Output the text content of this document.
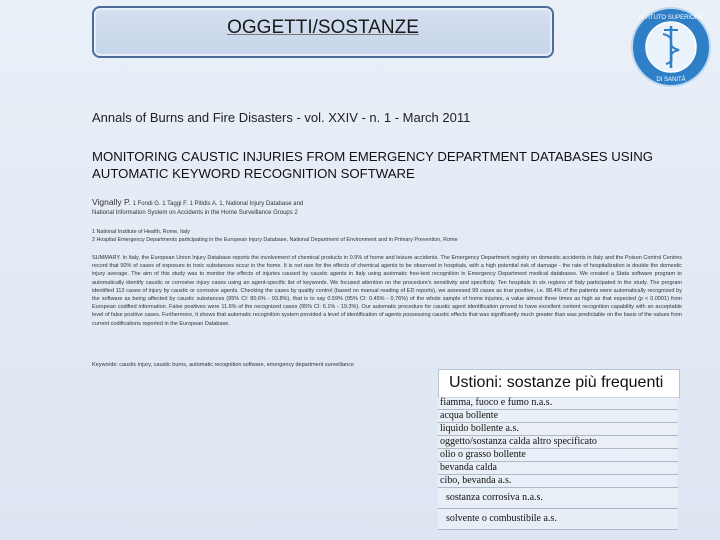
OGGETTI/SOSTANZE	ISTITUTO SUPERIORE
DI SANITÀ
Annals of Burns and Fire Disasters - vol. XXIV - n. 1 - March 2011
MONITORING CAUSTIC INJURIES FROM EMERGENCY DEPARTMENT DATABASES USING AUTOMATIC KEYWORD RECOGNITION SOFTWARE
Vignally P. 1 Fondi G. 1 Taggi F. 1 Pitidis A. 1, National Injury Database and
National Information System on Accidents in the Home Surveillance Groups 2
1 National Institute of Health, Rome, Italy
2 Hospital Emergency Departments participating in the European Injury Database, National Department of Environment and in Primary Prevention, Rome
SUMMARY. In Italy, the European Union Injury Database reports the involvement of chemical products in 0.9% of home and leisure accidents. The Emergency Department registry on domestic accidents in Italy and the Poison Control Centres record that 90% of cases of exposure to toxic substances occur in the home. It is not rare for the effects of chemical agents to be observed in hospitals, with a high potential risk of damage - the rate of hospitalization is double the domestic injury average. The aim of this study was to monitor the effects of injuries caused by caustic agents in Italy using automatic free-text recognition in Emergency Department medical databases. We created a Stata software program to automatically identify caustic or corrosive injury cases using an agent-specific list of keywords. We focused attention on the procedure's sensitivity and specificity. Ten hospitals in six regions of Italy participated in the study. The program identified 112 cases of injury by caustic or corrosive agents. Checking the cases by quality control (based on manual reading of ED reports), we assessed 99 cases as true positive, i.e. 88.4% of the patients were automatically recognized by the software as being affected by caustic substances (95% CI: 80.6% - 93.8%), that is to say 0.59% (95% CI: 0.45% - 0.76%) of the whole sample of home injuries, a value almost three times as high as that expected (p < 0.0001) from European codified information. False positives were 11.6% of the recognized cases (95% CI: 6.1% - 19.3%). Our automatic procedure for caustic agent identification proved to have excellent content recognition capability with an acceptable level of false positive cases. Furthermore, it shows that automatic recognition system provided a level of identification of agents possessing caustic effects that was significantly much greater than was predictable on the basis of the values from current codifications reported in the European Database.
Keywords: caustic injury, caustic burns, automatic recognition software, emergency department surveillance
Ustioni: sostanze più frequenti
fiamma, fuoco e fumo n.a.s.
acqua bollente
liquido bollente a.s.
oggetto/sostanza calda altro specificato
olio o grasso bollente
bevanda calda
cibo, bevanda a.s.
sostanza corrosiva n.a.s.
solvente o combustibile a.s.
